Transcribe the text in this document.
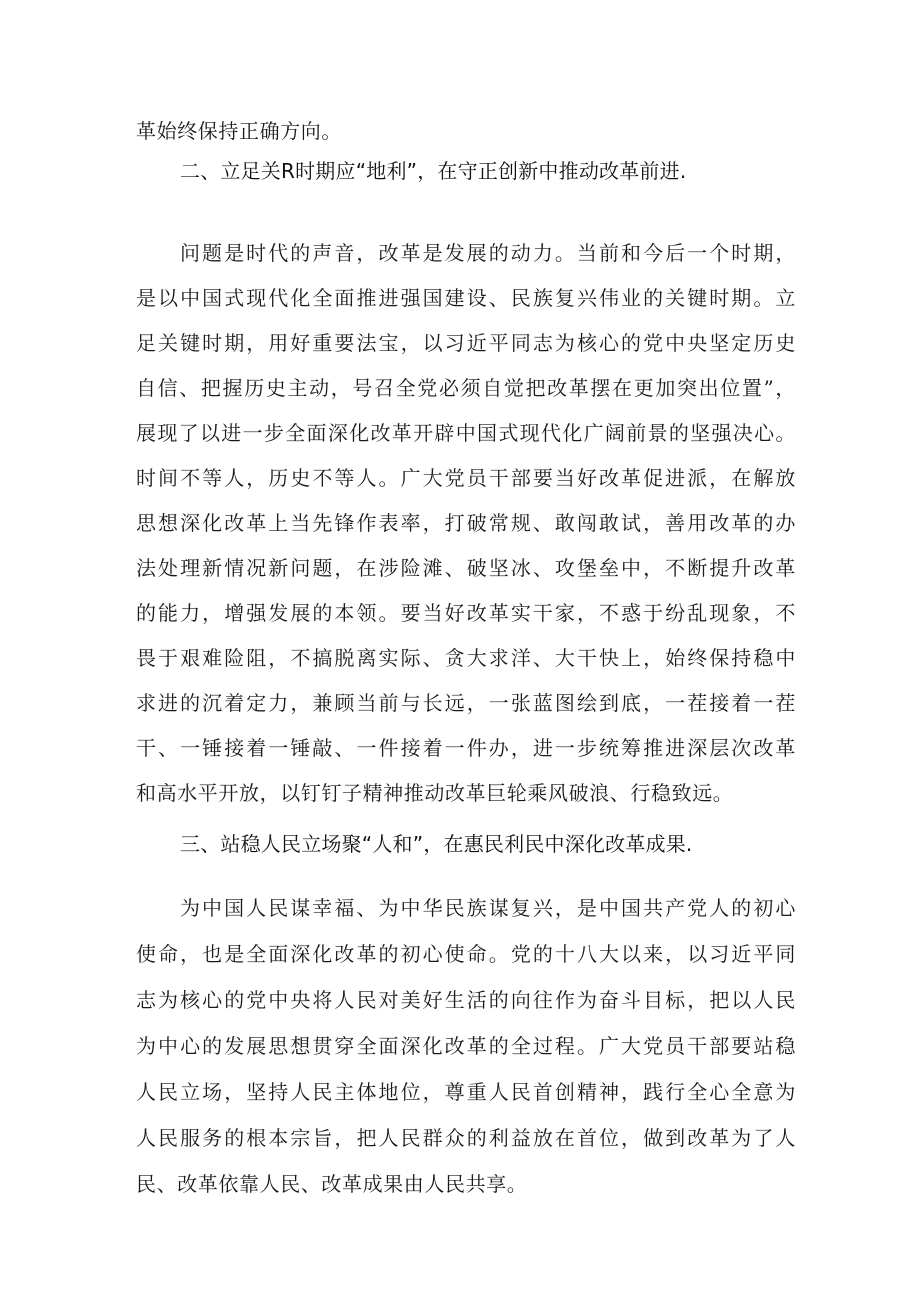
革始终保持正确方向。
二、立足关R时期应“地利”，在守正创新中推动改革前进.
问题是时代的声音，改革是发展的动力。当前和今后一个时期，
是以中国式现代化全面推进强国建设、民族复兴伟业的关键时期。立
足关键时期，用好重要法宝，以习近平同志为核心的党中央坚定历史
自信、把握历史主动，号召全党必须自觉把改革摆在更加突出位置”，
展现了以进一步全面深化改革开辟中国式现代化广阔前景的坚强决心。
时间不等人，历史不等人。广大党员干部要当好改革促进派，在解放
思想深化改革上当先锋作表率，打破常规、敢闯敢试，善用改革的办
法处理新情况新问题，在涉险滩、破坚冰、攻堡垒中，不断提升改革
的能力，增强发展的本领。要当好改革实干家，不惑于纷乱现象，不
畏于艰难险阻，不搞脱离实际、贪大求洋、大干快上，始终保持稳中
求进的沉着定力，兼顾当前与长远，一张蓝图绘到底，一茬接着一茬
干、一锤接着一锤敲、一件接着一件办，进一步统筹推进深层次改革
和高水平开放，以钉钉子精神推动改革巨轮乘风破浪、行稳致远。
三、站稳人民立场聚“人和”，在惠民利民中深化改革成果.
为中国人民谋幸福、为中华民族谋复兴，是中国共产党人的初心
使命，也是全面深化改革的初心使命。党的十八大以来，以习近平同
志为核心的党中央将人民对美好生活的向往作为奋斗目标，把以人民
为中心的发展思想贯穿全面深化改革的全过程。广大党员干部要站稳
人民立场，坚持人民主体地位，尊重人民首创精神，践行全心全意为
人民服务的根本宗旨，把人民群众的利益放在首位，做到改革为了人
民、改革依靠人民、改革成果由人民共享。
